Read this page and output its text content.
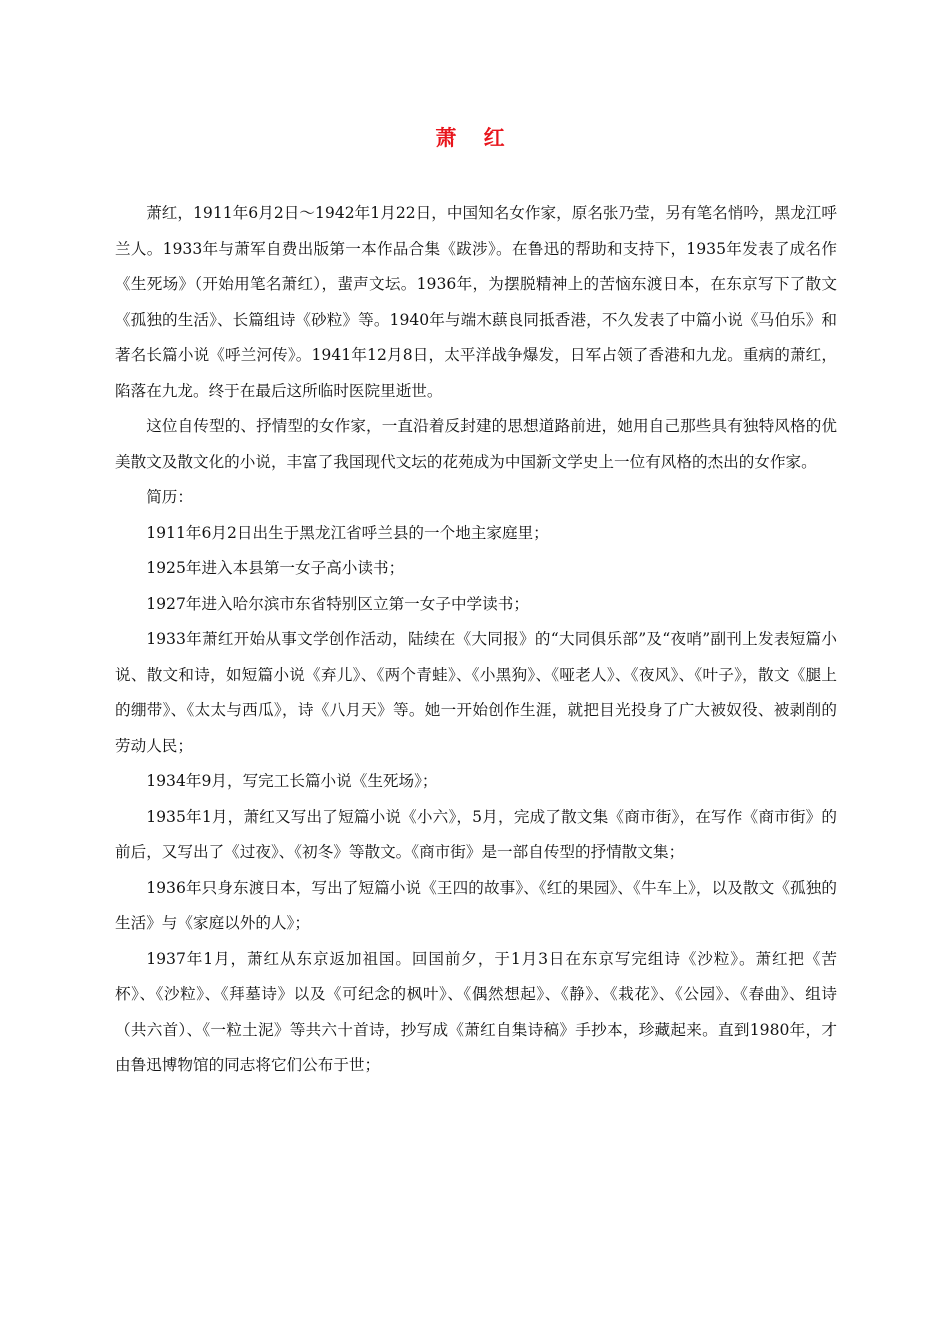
萧 红

萧红，1911年6月2日～1942年1月22日，中国知名女作家，原名张乃莹，另有笔名悄吟，黑龙江呼兰人。1933年与萧军自费出版第一本作品合集《跋涉》。在鲁迅的帮助和支持下，1935年发表了成名作《生死场》（开始用笔名萧红），蜚声文坛。1936年，为摆脱精神上的苦恼东渡日本，在东京写下了散文《孤独的生活》、长篇组诗《砂粒》等。1940年与端木蕻良同抵香港，不久发表了中篇小说《马伯乐》和著名长篇小说《呼兰河传》。1941年12月8日，太平洋战争爆发，日军占领了香港和九龙。重病的萧红，陷落在九龙。终于在最后这所临时医院里逝世。

这位自传型的、抒情型的女作家，一直沿着反封建的思想道路前进，她用自己那些具有独特风格的优美散文及散文化的小说，丰富了我国现代文坛的花苑成为中国新文学史上一位有风格的杰出的女作家。

简历：

1911年6月2日出生于黑龙江省呼兰县的一个地主家庭里；

1925年进入本县第一女子高小读书；

1927年进入哈尔滨市东省特别区立第一女子中学读书；

1933年萧红开始从事文学创作活动，陆续在《大同报》的“大同俱乐部”及“夜哨”副刊上发表短篇小说、散文和诗，如短篇小说《弃儿》、《两个青蛙》、《小黑狗》、《哑老人》、《夜风》、《叶子》，散文《腿上的绷带》、《太太与西瓜》，诗《八月天》等。她一开始创作生涯，就把目光投身了广大被奴役、被剥削的劳动人民；

1934年9月，写完工长篇小说《生死场》；

1935年1月，萧红又写出了短篇小说《小六》，5月，完成了散文集《商市街》，在写作《商市街》的前后，又写出了《过夜》、《初冬》等散文。《商市街》是一部自传型的抒情散文集；

1936年只身东渡日本，写出了短篇小说《王四的故事》、《红的果园》、《牛车上》，以及散文《孤独的生活》与《家庭以外的人》；

1937年1月，萧红从东京返加祖国。回国前夕，于1月3日在东京写完组诗《沙粒》。萧红把《苦杯》、《沙粒》、《拜墓诗》以及《可纪念的枫叶》、《偶然想起》、《静》、《栽花》、《公园》、《春曲》、组诗（共六首）、《一粒土泥》等共六十首诗，抄写成《萧红自集诗稿》手抄本，珍藏起来。直到1980年，才由鲁迅博物馆的同志将它们公布于世；
